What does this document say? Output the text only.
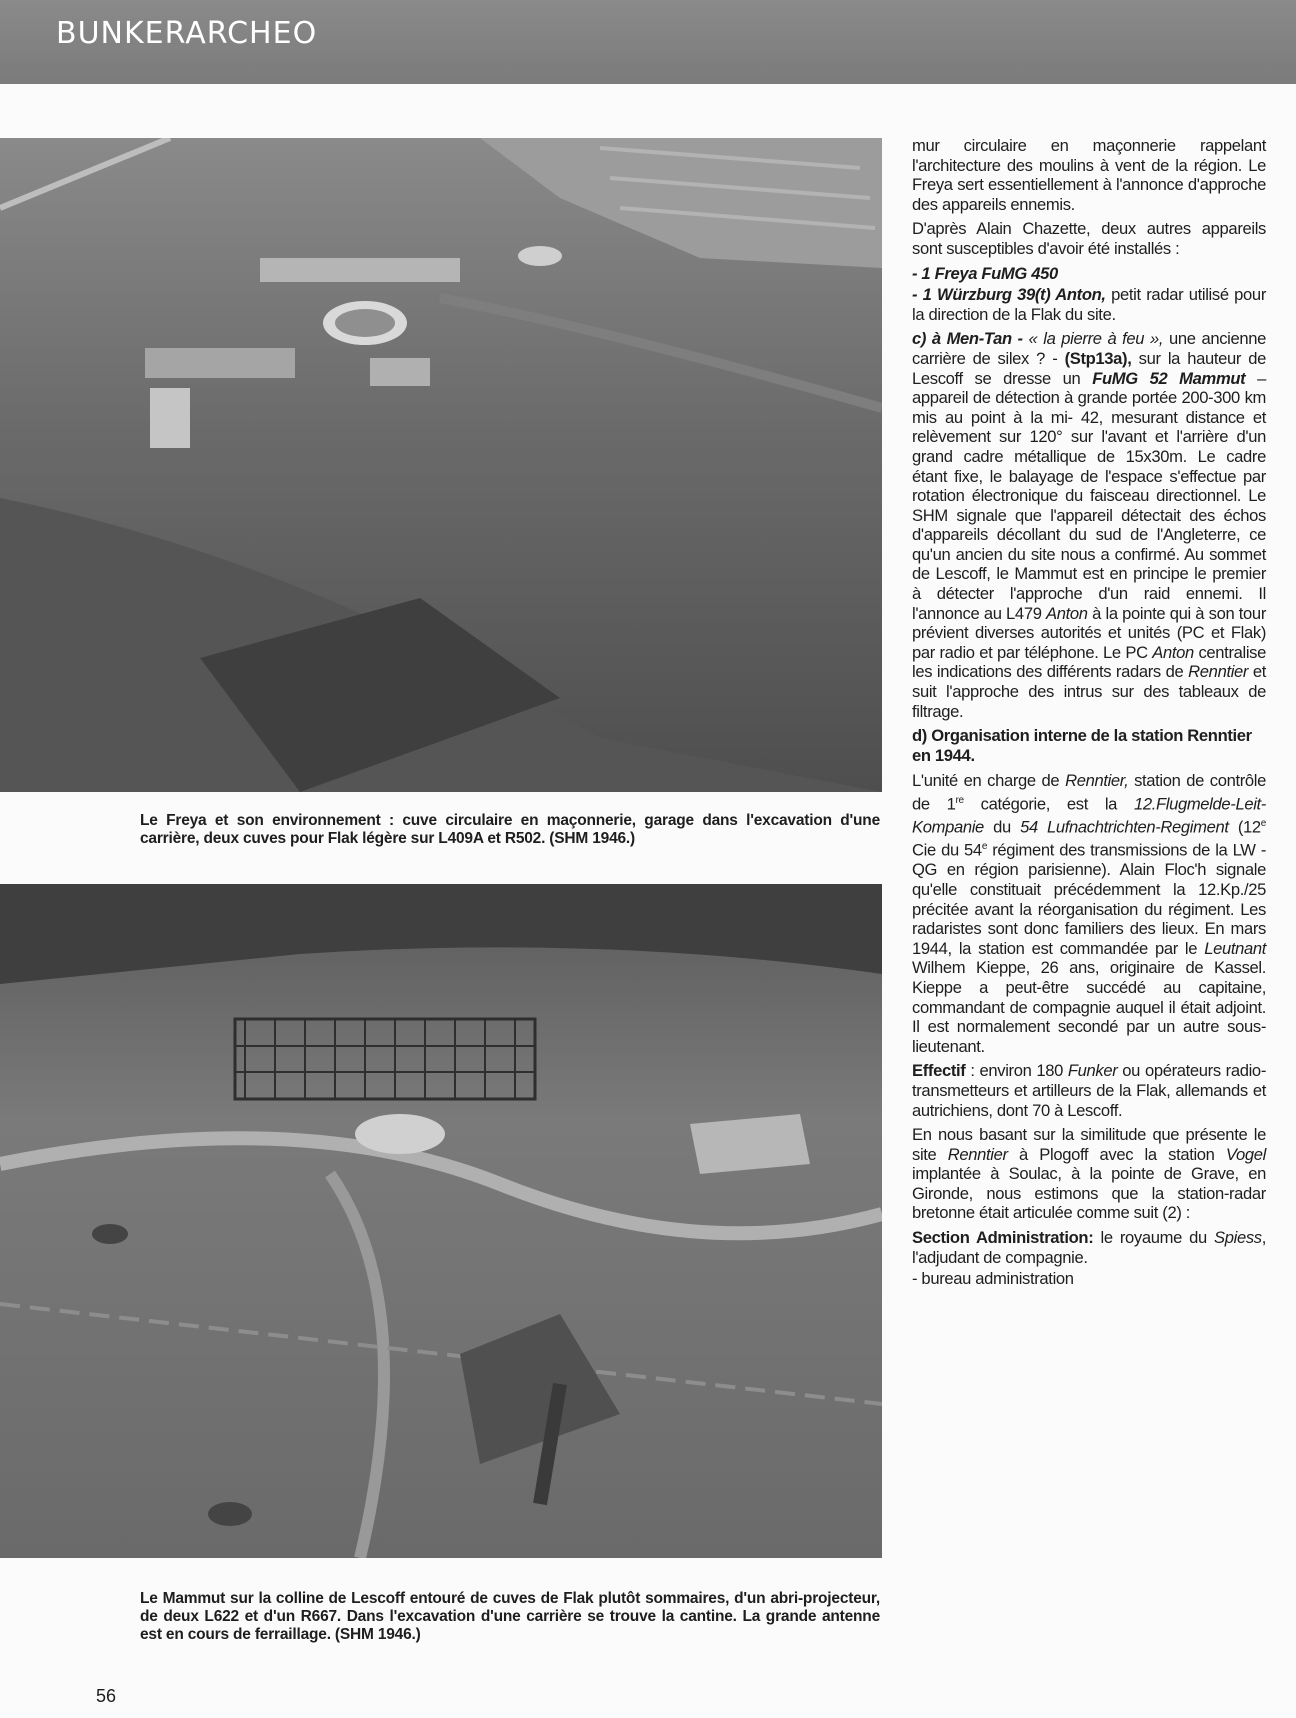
BUNKERARCHEO
Le Freya et son environnement : cuve circulaire en maçonnerie, garage dans l'excavation d'une carrière, deux cuves pour Flak légère sur L409A et R502. (SHM 1946.)
Le Mammut sur la colline de Lescoff entouré de cuves de Flak plutôt sommaires, d'un abri-projecteur, de deux L622 et d'un R667. Dans l'excavation d'une carrière se trouve la cantine. La grande antenne est en cours de ferraillage. (SHM 1946.)
56

mur circulaire en maçonnerie rappelant l'architecture des moulins à vent de la région. Le Freya sert essentiellement à l'annonce d'approche des appareils ennemis.

D'après Alain Chazette, deux autres appareils sont susceptibles d'avoir été installés :

- 1 Freya FuMG 450

- 1 Würzburg 39(t) Anton, petit radar utilisé pour la direction de la Flak du site.

c) à Men-Tan - « la pierre à feu », une ancienne carrière de silex ? - (Stp13a), sur la hauteur de Lescoff se dresse un FuMG 52 Mammut – appareil de détection à grande portée 200-300 km mis au point à la mi- 42, mesurant distance et relèvement sur 120° sur l'avant et l'arrière d'un grand cadre métallique de 15x30m. Le cadre étant fixe, le balayage de l'espace s'effectue par rotation électronique du faisceau directionnel. Le SHM signale que l'appareil détectait des échos d'appareils décollant du sud de l'Angleterre, ce qu'un ancien du site nous a confirmé. Au sommet de Lescoff, le Mammut est en principe le premier à détecter l'approche d'un raid ennemi. Il l'annonce au L479 Anton à la pointe qui à son tour prévient diverses autorités et unités (PC et Flak) par radio et par téléphone. Le PC Anton centralise les indications des différents radars de Renntier et suit l'approche des intrus sur des tableaux de filtrage.

d) Organisation interne de la station Renntier en 1944.

L'unité en charge de Renntier, station de contrôle de 1re catégorie, est la 12.Flugmelde-Leit-Kompanie du 54 Lufnachtrichten-Regiment (12e Cie du 54e régiment des transmissions de la LW - QG en région parisienne). Alain Floc'h signale qu'elle constituait précédemment la 12.Kp./25 précitée avant la réorganisation du régiment. Les radaristes sont donc familiers des lieux. En mars 1944, la station est commandée par le Leutnant Wilhem Kieppe, 26 ans, originaire de Kassel. Kieppe a peut-être succédé au capitaine, commandant de compagnie auquel il était adjoint. Il est normalement secondé par un autre sous-lieutenant.

Effectif : environ 180 Funker ou opérateurs radio-transmetteurs et artilleurs de la Flak, allemands et autrichiens, dont 70 à Lescoff.

En nous basant sur la similitude que présente le site Renntier à Plogoff avec la station Vogel implantée à Soulac, à la pointe de Grave, en Gironde, nous estimons que la station-radar bretonne était articulée comme suit (2) :

Section Administration: le royaume du Spiess, l'adjudant de compagnie.

- bureau administration
